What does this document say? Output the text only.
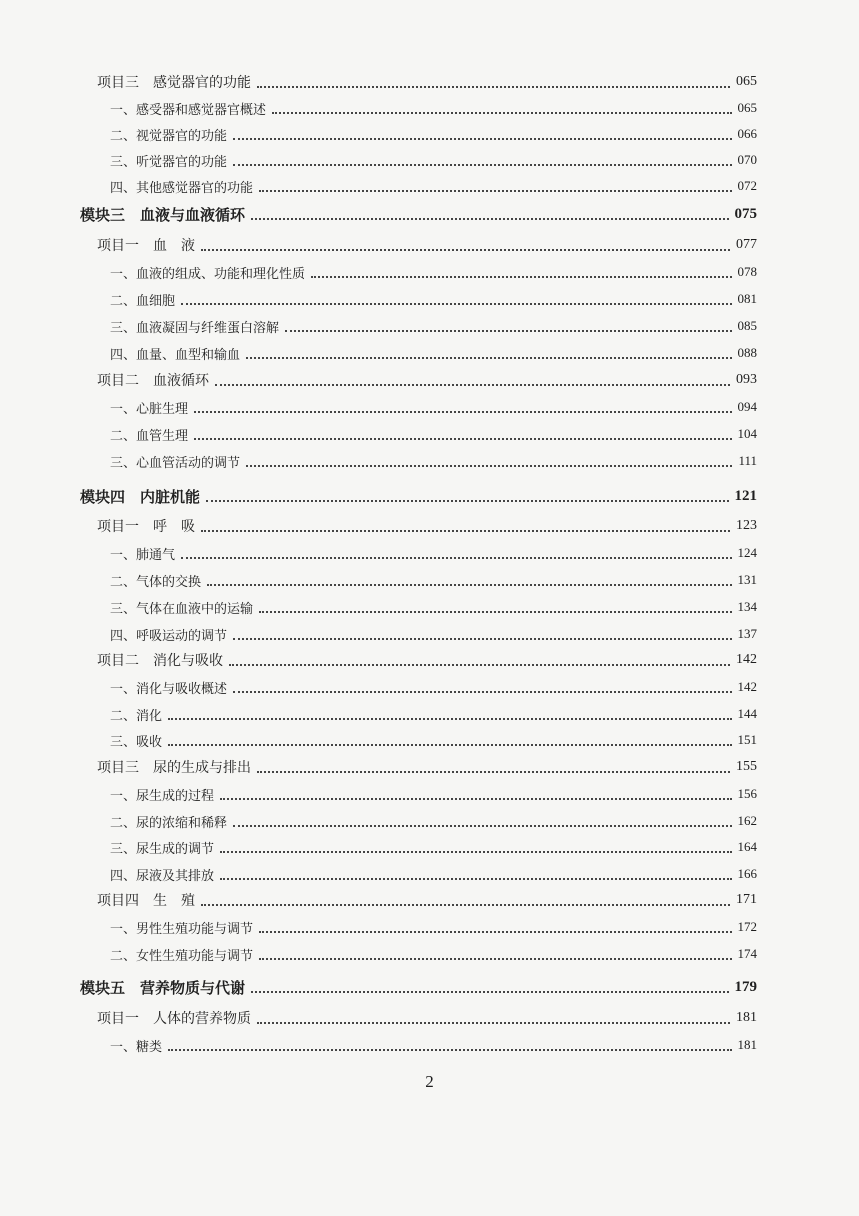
项目三　感觉器官的功能	065
一、感受器和感觉器官概述	065
二、视觉器官的功能	066
三、听觉器官的功能	070
四、其他感觉器官的功能	072
模块三　血液与血液循环	075
项目一　血　液	077
一、血液的组成、功能和理化性质	078
二、血细胞	081
三、血液凝固与纤维蛋白溶解	085
四、血量、血型和输血	088
项目二　血液循环	093
一、心脏生理	094
二、血管生理	104
三、心血管活动的调节	111
模块四　内脏机能	121
项目一　呼　吸	123
一、肺通气	124
二、气体的交换	131
三、气体在血液中的运输	134
四、呼吸运动的调节	137
项目二　消化与吸收	142
一、消化与吸收概述	142
二、消化	144
三、吸收	151
项目三　尿的生成与排出	155
一、尿生成的过程	156
二、尿的浓缩和稀释	162
三、尿生成的调节	164
四、尿液及其排放	166
项目四　生　殖	171
一、男性生殖功能与调节	172
二、女性生殖功能与调节	174
模块五　营养物质与代谢	179
项目一　人体的营养物质	181
一、糖类	181
2
